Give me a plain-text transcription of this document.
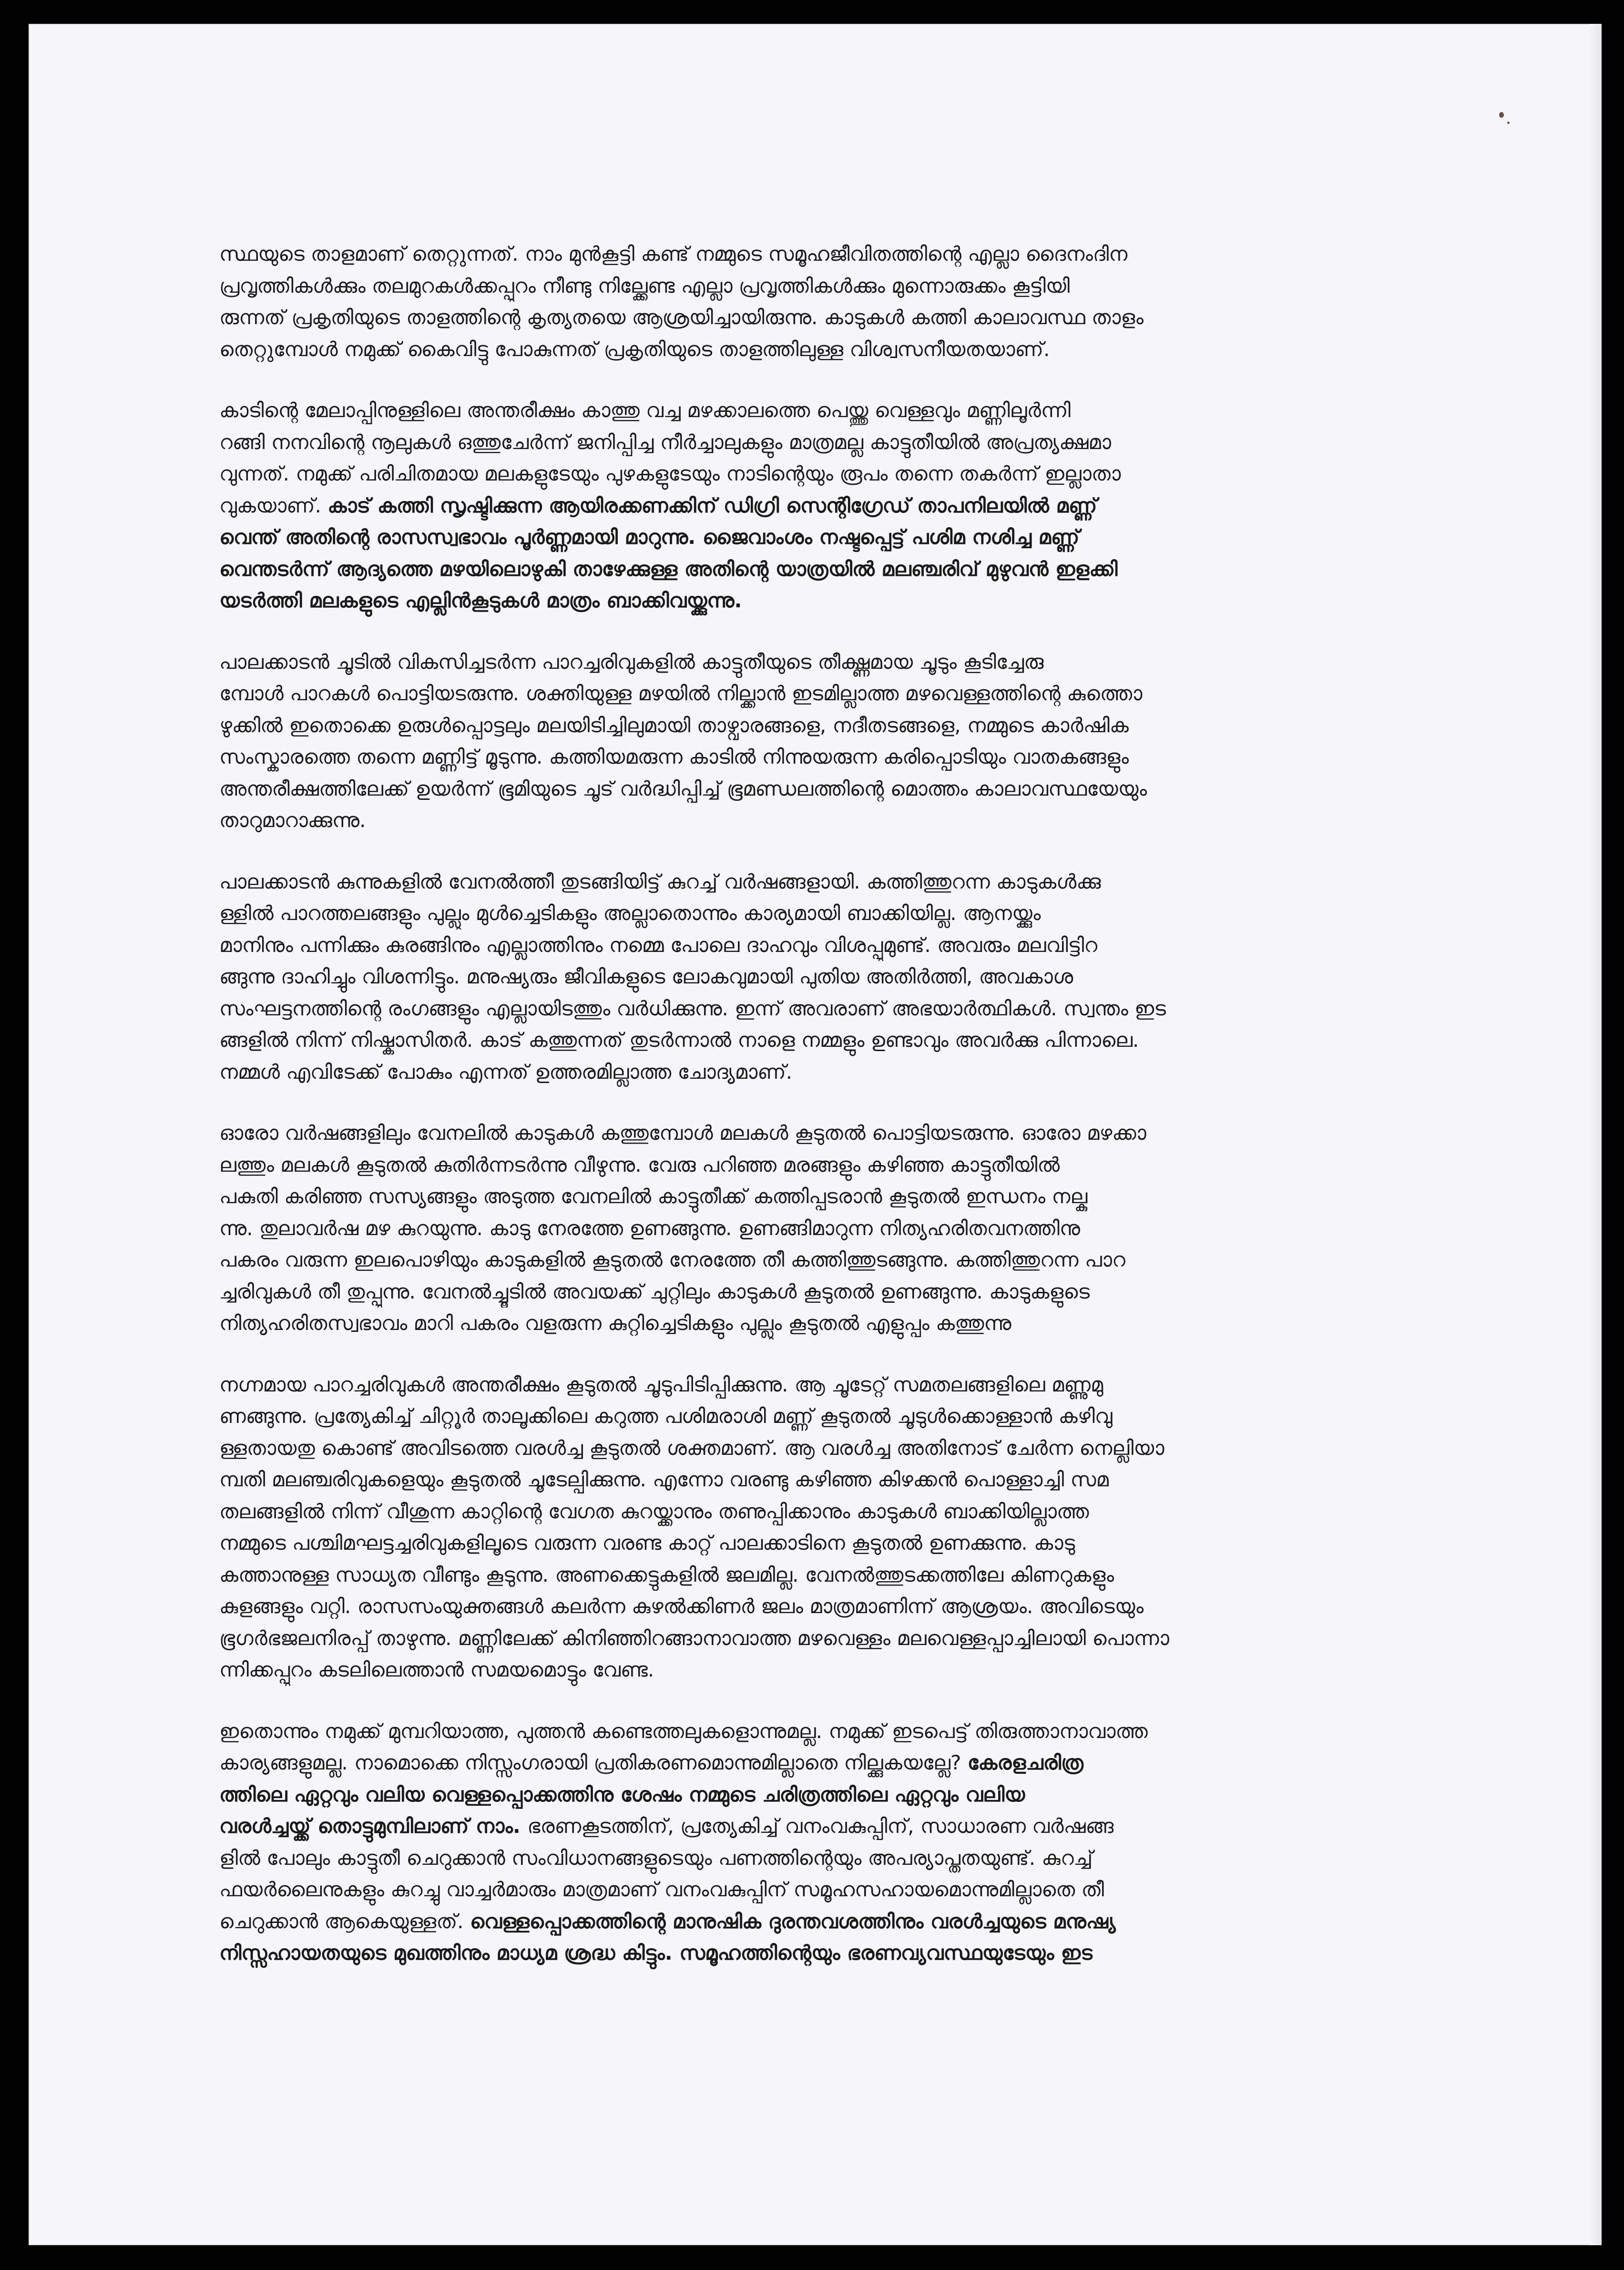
സ്ഥയുടെ താളമാണ് തെറ്റുന്നത്. നാം മുൻകൂട്ടി കണ്ട് നമ്മുടെ സമൂഹജീവിതത്തിന്റെ എല്ലാ ദൈനംദിന
പ്രവൃത്തികൾക്കും തലമുറകൾക്കപ്പുറം നീണ്ടു നില്ക്കേണ്ട എല്ലാ പ്രവൃത്തികൾക്കും മുന്നൊരുക്കം കൂട്ടിയി
രുന്നത് പ്രകൃതിയുടെ താളത്തിന്റെ കൃത്യതയെ ആശ്രയിച്ചായിരുന്നു. കാടുകൾ കത്തി കാലാവസ്ഥ താളം
തെറ്റുമ്പോൾ നമുക്ക് കൈവിട്ടു പോകുന്നത് പ്രകൃതിയുടെ താളത്തിലുള്ള വിശ്വസനീയതയാണ്.

കാടിന്റെ മേലാപ്പിനുള്ളിലെ അന്തരീക്ഷം കാത്തു വച്ച മഴക്കാലത്തെ പെയ്ത്തു വെള്ളവും മണ്ണിലൂർന്നി
റങ്ങി നനവിന്റെ നൂലുകൾ ഒത്തുചേർന്ന് ജനിപ്പിച്ച നീർച്ചാലുകളും മാത്രമല്ല കാട്ടുതീയിൽ അപ്രത്യക്ഷമാ
വുന്നത്. നമുക്ക് പരിചിതമായ മലകളുടേയും പുഴകളുടേയും നാടിന്റെയും രൂപം തന്നെ തകർന്ന് ഇല്ലാതാ
വുകയാണ്. കാട് കത്തി സൃഷ്ടിക്കുന്ന ആയിരക്കണക്കിന് ഡിഗ്രി സെന്റിഗ്രേഡ് താപനിലയിൽ മണ്ണ്
വെന്ത് അതിന്റെ രാസസ്വഭാവം പൂർണ്ണമായി മാറുന്നു. ജൈവാംശം നഷ്ടപ്പെട്ട് പശിമ നശിച്ച മണ്ണ്
വെന്തടർന്ന് ആദ്യത്തെ മഴയിലൊഴുകി താഴേക്കുള്ള അതിന്റെ യാത്രയിൽ മലഞ്ചരിവ് മുഴുവൻ ഇളക്കി
യടർത്തി മലകളുടെ എല്ലിൻകൂടുകൾ മാത്രം ബാക്കിവയ്ക്കുന്നു.

പാലക്കാടൻ ചൂടിൽ വികസിച്ചടർന്ന പാറച്ചരിവുകളിൽ കാട്ടുതീയുടെ തീക്ഷ്ണമായ ചൂടും കൂടിച്ചേരു
മ്പോൾ പാറകൾ പൊട്ടിയടരുന്നു. ശക്തിയുള്ള മഴയിൽ നില്ക്കാൻ ഇടമില്ലാത്ത മഴവെള്ളത്തിന്റെ കുത്തൊ
ഴുക്കിൽ ഇതൊക്കെ ഉരുൾപ്പൊട്ടലും മലയിടിച്ചിലുമായി താഴ്വാരങ്ങളെ, നദീതടങ്ങളെ, നമ്മുടെ കാർഷിക
സംസ്കാരത്തെ തന്നെ മണ്ണിട്ട് മൂടുന്നു. കത്തിയമരുന്ന കാടിൽ നിന്നുയരുന്ന കരിപ്പൊടിയും വാതകങ്ങളും
അന്തരീക്ഷത്തിലേക്ക് ഉയർന്ന് ഭൂമിയുടെ ചൂട് വർദ്ധിപ്പിച്ച് ഭൂമണ്ഡലത്തിന്റെ മൊത്തം കാലാവസ്ഥയേയും
താറുമാറാക്കുന്നു.

പാലക്കാടൻ കുന്നുകളിൽ വേനൽത്തീ തുടങ്ങിയിട്ട് കുറച്ച് വർഷങ്ങളായി. കത്തിത്തുറന്ന കാടുകൾക്കു
ള്ളിൽ പാറത്തലങ്ങളും പുല്ലും മുൾച്ചെടികളും അല്ലാതൊന്നും കാര്യമായി ബാക്കിയില്ല. ആനയ്ക്കും
മാനിനും പന്നിക്കും കുരങ്ങിനും എല്ലാത്തിനും നമ്മെ പോലെ ദാഹവും വിശപ്പുമുണ്ട്. അവരും മലവിട്ടിറ
ങ്ങുന്നു ദാഹിച്ചും വിശന്നിട്ടും. മനുഷ്യരും ജീവികളുടെ ലോകവുമായി പുതിയ അതിർത്തി, അവകാശ
സംഘട്ടനത്തിന്റെ രംഗങ്ങളും എല്ലായിടത്തും വർധിക്കുന്നു. ഇന്ന് അവരാണ് അഭയാർത്ഥികൾ. സ്വന്തം ഇട
ങ്ങളിൽ നിന്ന് നിഷ്കാസിതർ. കാട് കത്തുന്നത് തുടർന്നാൽ നാളെ നമ്മളും ഉണ്ടാവും അവർക്കു പിന്നാലെ.
നമ്മൾ എവിടേക്ക് പോകും എന്നത് ഉത്തരമില്ലാത്ത ചോദ്യമാണ്.

ഓരോ വർഷങ്ങളിലും വേനലിൽ കാടുകൾ കത്തുമ്പോൾ മലകൾ കൂടുതൽ പൊട്ടിയടരുന്നു. ഓരോ മഴക്കാ
ലത്തും മലകൾ കൂടുതൽ കുതിർന്നടർന്നു വീഴുന്നു. വേരു പറിഞ്ഞ മരങ്ങളും കഴിഞ്ഞ കാട്ടുതീയിൽ
പകുതി കരിഞ്ഞ സസ്യങ്ങളും അടുത്ത വേനലിൽ കാട്ടുതീക്ക് കത്തിപ്പടരാൻ കൂടുതൽ ഇന്ധനം നല്കു
ന്നു. തുലാവർഷ മഴ കുറയുന്നു. കാടു നേരത്തേ ഉണങ്ങുന്നു. ഉണങ്ങിമാറുന്ന നിത്യഹരിതവനത്തിനു
പകരം വരുന്ന ഇലപൊഴിയും കാടുകളിൽ കൂടുതൽ നേരത്തേ തീ കത്തിത്തുടങ്ങുന്നു. കത്തിത്തുറന്ന പാറ
ച്ചരിവുകൾ തീ തുപ്പുന്നു. വേനൽച്ചൂടിൽ അവയക്ക് ചുറ്റിലും കാടുകൾ കൂടുതൽ ഉണങ്ങുന്നു. കാടുകളുടെ
നിത്യഹരിതസ്വഭാവം മാറി പകരം വളരുന്ന കുറ്റിച്ചെടികളും പുല്ലും കൂടുതൽ എളുപ്പം കത്തുന്നു

നഗ്നമായ പാറച്ചരിവുകൾ അന്തരീക്ഷം കൂടുതൽ ചൂടുപിടിപ്പിക്കുന്നു. ആ ചൂടേറ്റ് സമതലങ്ങളിലെ മണ്ണുമു
ണങ്ങുന്നു. പ്രത്യേകിച്ച് ചിറ്റൂർ താലൂക്കിലെ കറുത്ത പശിമരാശി മണ്ണ് കൂടുതൽ ചൂടുൾക്കൊള്ളാൻ കഴിവു
ള്ളതായതു കൊണ്ട് അവിടത്തെ വരൾച്ച കൂടുതൽ ശക്തമാണ്. ആ വരൾച്ച അതിനോട് ചേർന്ന നെല്ലിയാ
മ്പതി മലഞ്ചരിവുകളെയും കൂടുതൽ ചൂടേല്പിക്കുന്നു. എന്നോ വരണ്ടു കഴിഞ്ഞ കിഴക്കൻ പൊള്ളാച്ചി സമ
തലങ്ങളിൽ നിന്ന് വീശുന്ന കാറ്റിന്റെ വേഗത കുറയ്ക്കാനും തണുപ്പിക്കാനും കാടുകൾ ബാക്കിയില്ലാത്ത
നമ്മുടെ പശ്ചിമഘട്ടച്ചരിവുകളിലൂടെ വരുന്ന വരണ്ട കാറ്റ് പാലക്കാടിനെ കൂടുതൽ ഉണക്കുന്നു. കാടു
കത്താനുള്ള സാധ്യത വീണ്ടും കൂടുന്നു. അണക്കെട്ടുകളിൽ ജലമില്ല. വേനൽത്തുടക്കത്തിലേ കിണറുകളും
കുളങ്ങളും വറ്റി. രാസസംയുക്തങ്ങൾ കലർന്ന കുഴൽക്കിണർ ജലം മാത്രമാണിന്ന് ആശ്രയം. അവിടെയും
ഭൂഗർഭജലനിരപ്പ് താഴുന്നു. മണ്ണിലേക്ക് കിനിഞ്ഞിറങ്ങാനാവാത്ത മഴവെള്ളം മലവെള്ളപ്പാച്ചിലായി പൊന്നാ
ന്നിക്കപ്പുറം കടലിലെത്താൻ സമയമൊട്ടും വേണ്ട.

ഇതൊന്നും നമുക്ക് മുമ്പറിയാത്ത, പുത്തൻ കണ്ടെത്തലുകളൊന്നുമല്ല. നമുക്ക് ഇടപെട്ട് തിരുത്താനാവാത്ത
കാര്യങ്ങളുമല്ല. നാമൊക്കെ നിസ്സംഗരായി പ്രതികരണമൊന്നുമില്ലാതെ നില്ക്കുകയല്ലേ? കേരളചരിത്ര
ത്തിലെ ഏറ്റവും വലിയ വെള്ളപ്പൊക്കത്തിനു ശേഷം നമ്മുടെ ചരിത്രത്തിലെ ഏറ്റവും വലിയ
വരൾച്ചയ്ക്ക് തൊട്ടുമുമ്പിലാണ് നാം. ഭരണകൂടത്തിന്, പ്രത്യേകിച്ച് വനംവകുപ്പിന്, സാധാരണ വർഷങ്ങ
ളിൽ പോലും കാട്ടുതീ ചെറുക്കാൻ സംവിധാനങ്ങളുടെയും പണത്തിന്റെയും അപര്യാപ്തതയുണ്ട്. കുറച്ച്
ഫയർലൈനുകളും കുറച്ചു വാച്ചർമാരും മാത്രമാണ് വനംവകുപ്പിന് സമൂഹസഹായമൊന്നുമില്ലാതെ തീ
ചെറുക്കാൻ ആകെയുള്ളത്. വെള്ളപ്പൊക്കത്തിന്റെ മാനുഷിക ദുരന്തവശത്തിനും വരൾച്ചയുടെ മനുഷ്യ
നിസ്സഹായതയുടെ മുഖത്തിനും മാധ്യമ ശ്രദ്ധ കിട്ടും. സമൂഹത്തിന്റെയും ഭരണവ്യവസ്ഥയുടേയും ഇട
